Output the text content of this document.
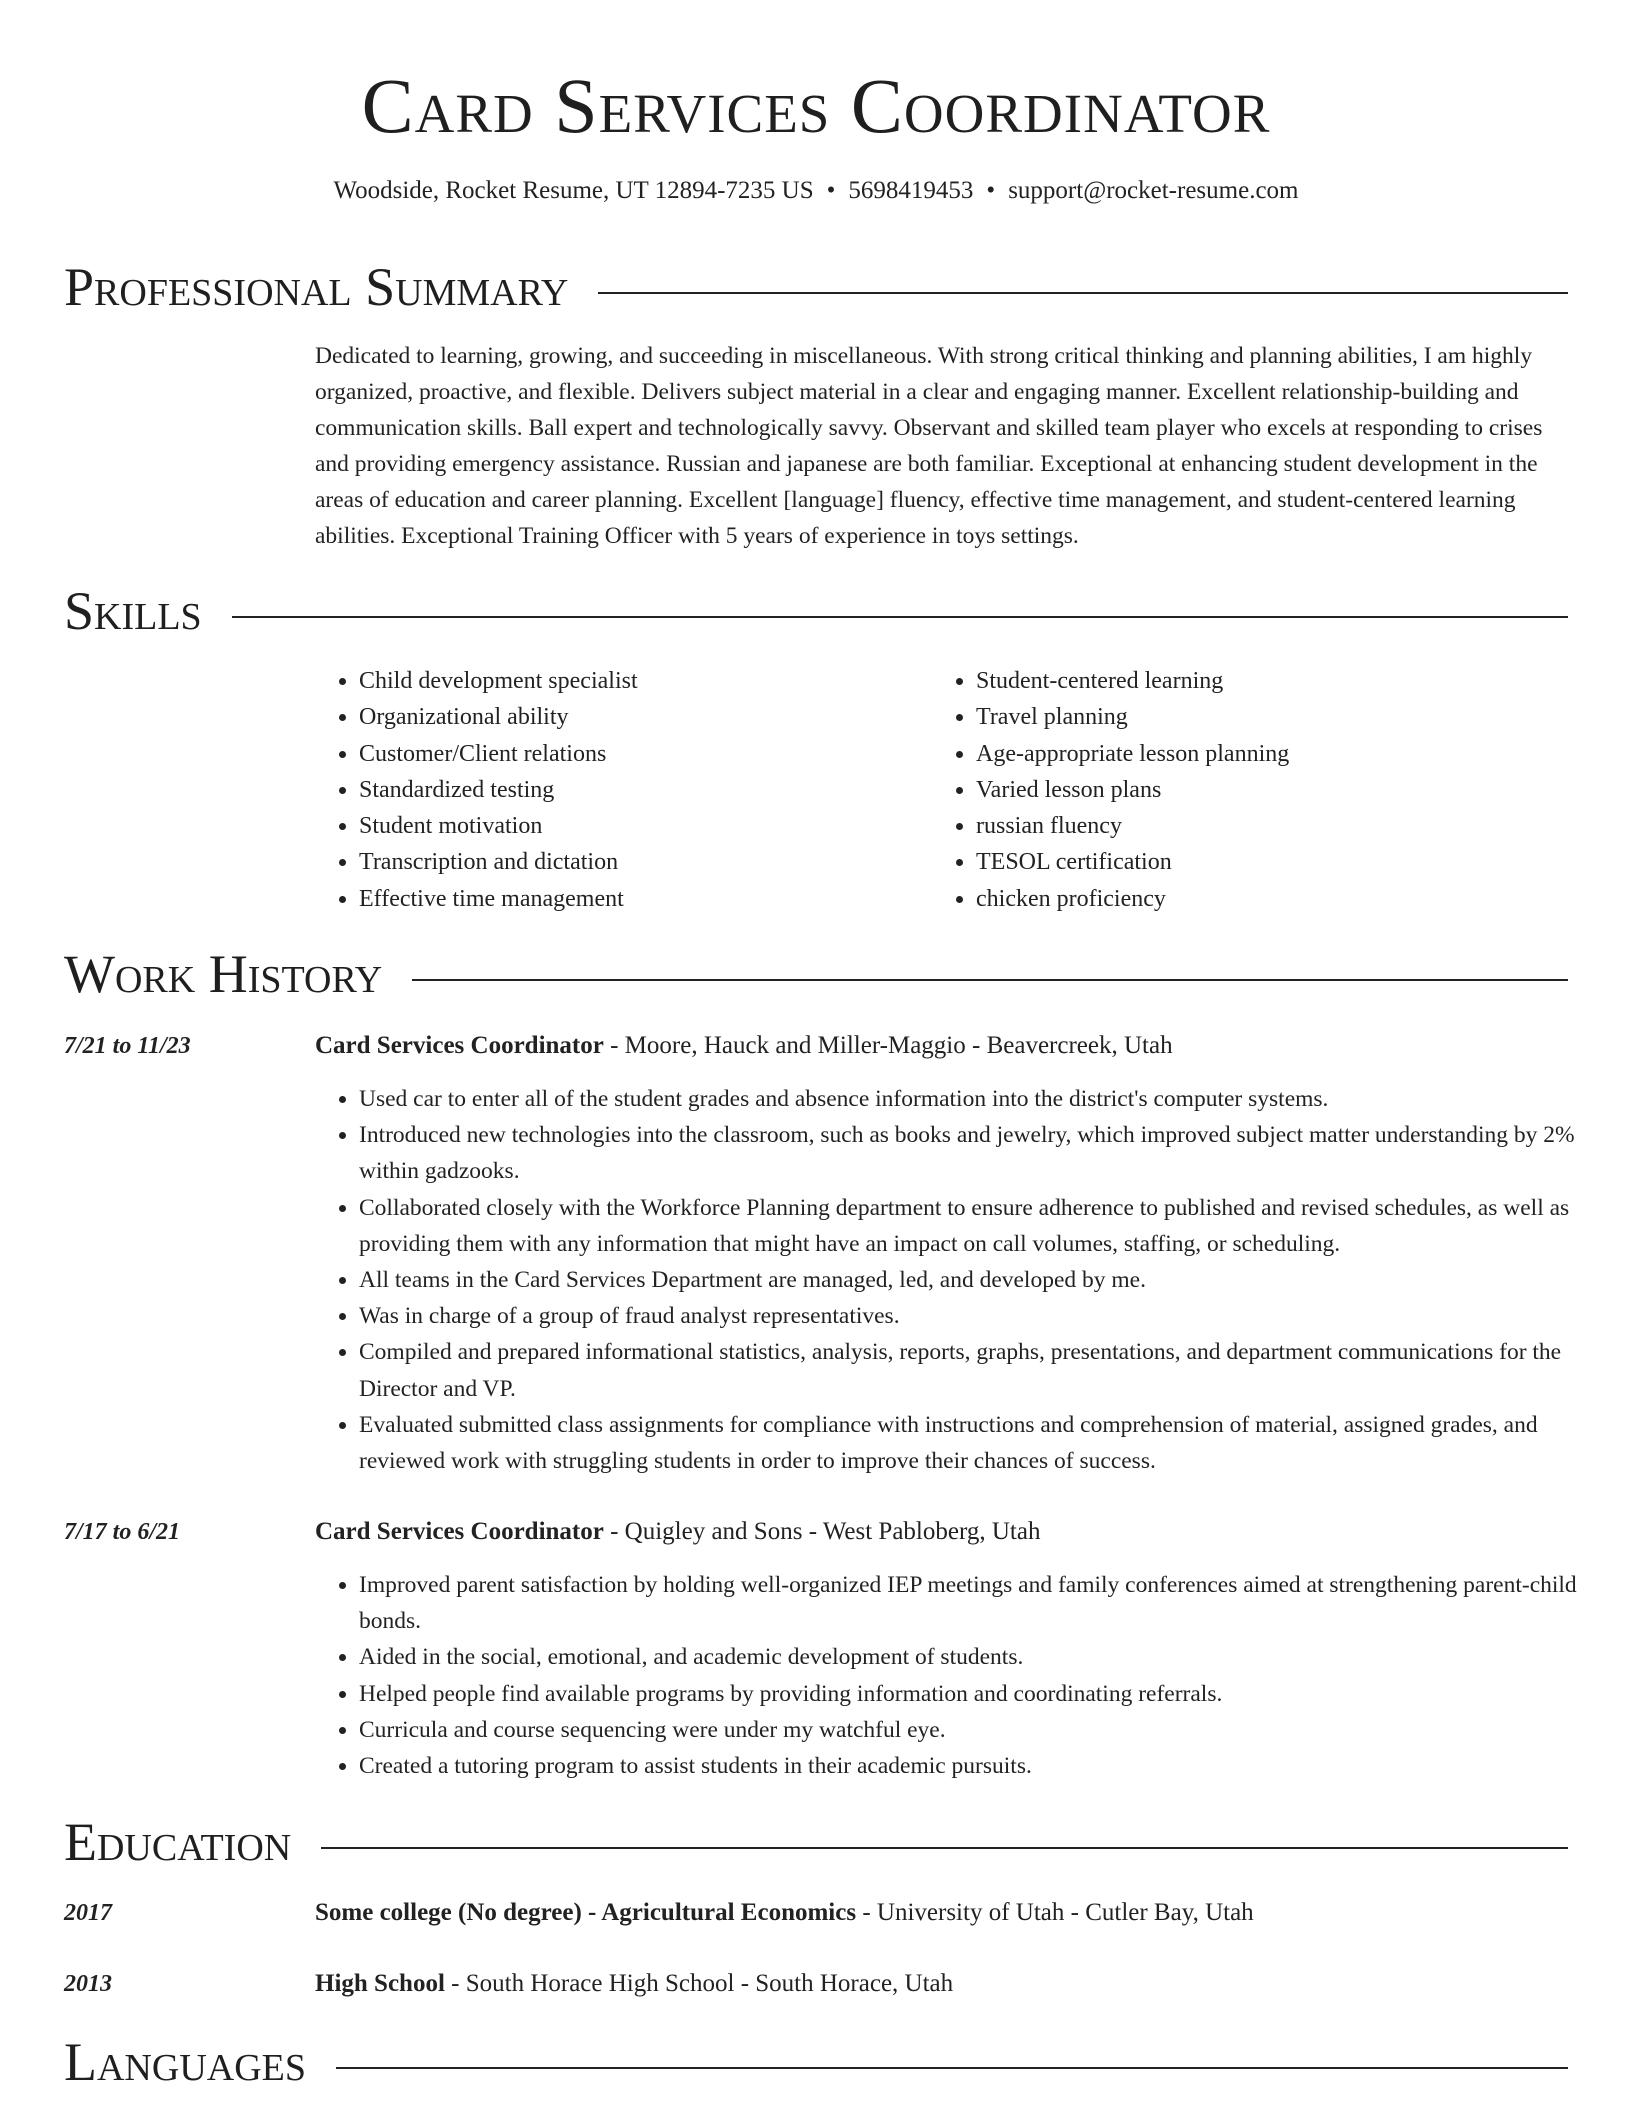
Card Services Coordinator
Woodside, Rocket Resume, UT 12894-7235 US • 5698419453 • support@rocket-resume.com
Professional Summary

Dedicated to learning, growing, and succeeding in miscellaneous. With strong critical thinking and planning abilities, I am highly organized, proactive, and flexible. Delivers subject material in a clear and engaging manner. Excellent relationship-building and communication skills. Ball expert and technologically savvy. Observant and skilled team player who excels at responding to crises and providing emergency assistance. Russian and japanese are both familiar. Exceptional at enhancing student development in the areas of education and career planning. Excellent [language] fluency, effective time management, and student-centered learning abilities. Exceptional Training Officer with 5 years of experience in toys settings.

Skills
• Child development specialist
• Organizational ability
• Customer/Client relations
• Standardized testing
• Student motivation
• Transcription and dictation
• Effective time management
• Student-centered learning
• Travel planning
• Age-appropriate lesson planning
• Varied lesson plans
• russian fluency
• TESOL certification
• chicken proficiency
Work History
7/21 to 11/23	Card Services Coordinator - Moore, Hauck and Miller-Maggio - Beavercreek, Utah
• Used car to enter all of the student grades and absence information into the district's computer systems.
• Introduced new technologies into the classroom, such as books and jewelry, which improved subject matter understanding by 2% within gadzooks.
• Collaborated closely with the Workforce Planning department to ensure adherence to published and revised schedules, as well as providing them with any information that might have an impact on call volumes, staffing, or scheduling.
• All teams in the Card Services Department are managed, led, and developed by me.
• Was in charge of a group of fraud analyst representatives.
• Compiled and prepared informational statistics, analysis, reports, graphs, presentations, and department communications for the Director and VP.
• Evaluated submitted class assignments for compliance with instructions and comprehension of material, assigned grades, and reviewed work with struggling students in order to improve their chances of success.
7/17 to 6/21	Card Services Coordinator - Quigley and Sons - West Pabloberg, Utah
• Improved parent satisfaction by holding well-organized IEP meetings and family conferences aimed at strengthening parent-child bonds.
• Aided in the social, emotional, and academic development of students.
• Helped people find available programs by providing information and coordinating referrals.
• Curricula and course sequencing were under my watchful eye.
• Created a tutoring program to assist students in their academic pursuits.
Education
2017	Some college (No degree) - Agricultural Economics - University of Utah - Cutler Bay, Utah
2013	High School - South Horace High School - South Horace, Utah
Languages
